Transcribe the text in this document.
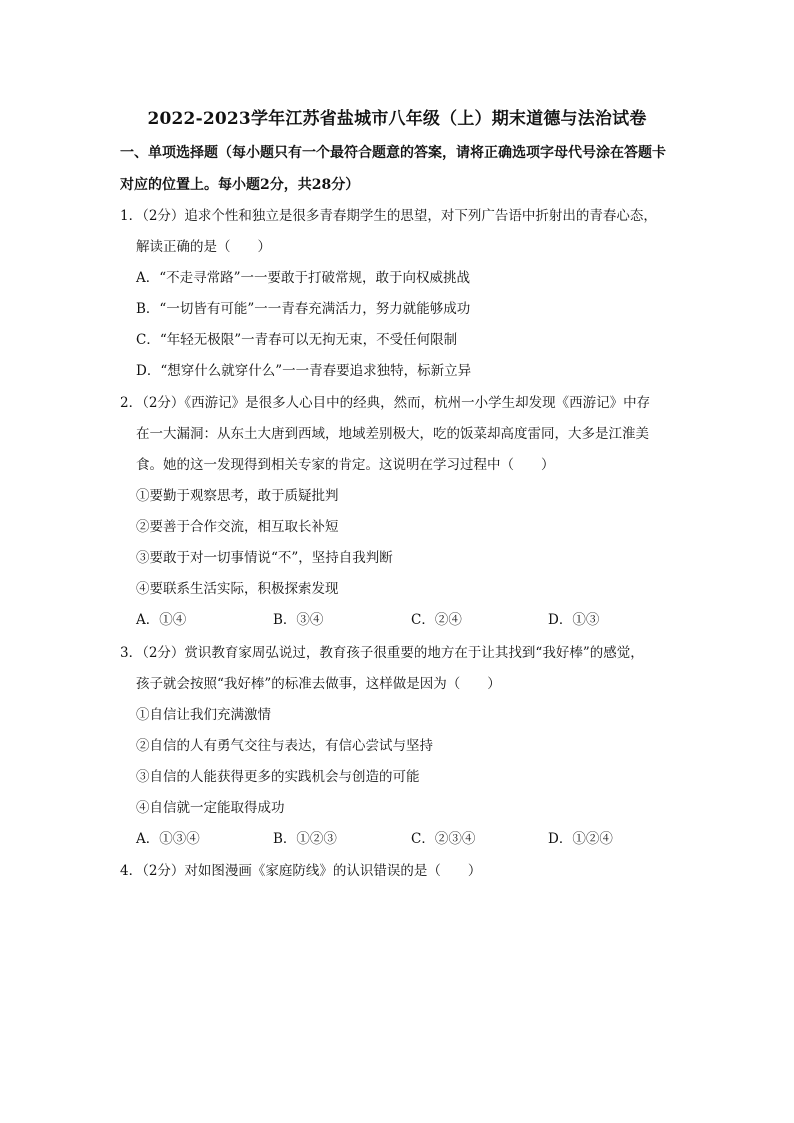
2022-2023学年江苏省盐城市八年级（上）期末道德与法治试卷
一、单项选择题（每小题只有一个最符合题意的答案，请将正确选项字母代号涂在答题卡
对应的位置上。每小题2分，共28分）
1．（2分）追求个性和独立是很多青春期学生的思望，对下列广告语中折射出的青春心态，
解读正确的是（　　）
A．“不走寻常路”一一要敢于打破常规，敢于向权威挑战
B．“一切皆有可能”一一青春充满活力，努力就能够成功
C．“年轻无极限”一青春可以无拘无束，不受任何限制
D．“想穿什么就穿什么”一一青春要追求独特，标新立异
2．（2分）《西游记》是很多人心目中的经典，然而，杭州一小学生却发现《西游记》中存
在一大漏洞：从东土大唐到西域，地域差别极大，吃的饭菜却高度雷同，大多是江淮美
食。她的这一发现得到相关专家的肯定。这说明在学习过程中（　　）
①要勤于观察思考，敢于质疑批判
②要善于合作交流，相互取长补短
③要敢于对一切事情说“不”，坚持自我判断
④要联系生活实际，积极探索发现
A．①④	B．③④	C．②④	D．①③
3．（2分）赏识教育家周弘说过，教育孩子很重要的地方在于让其找到“我好棒”的感觉，
孩子就会按照“我好棒”的标准去做事，这样做是因为（　　）
①自信让我们充满激情
②自信的人有勇气交往与表达，有信心尝试与坚持
③自信的人能获得更多的实践机会与创造的可能
④自信就一定能取得成功
A．①③④	B．①②③	C．②③④	D．①②④
4．（2分）对如图漫画《家庭防线》的认识错误的是（　　）
